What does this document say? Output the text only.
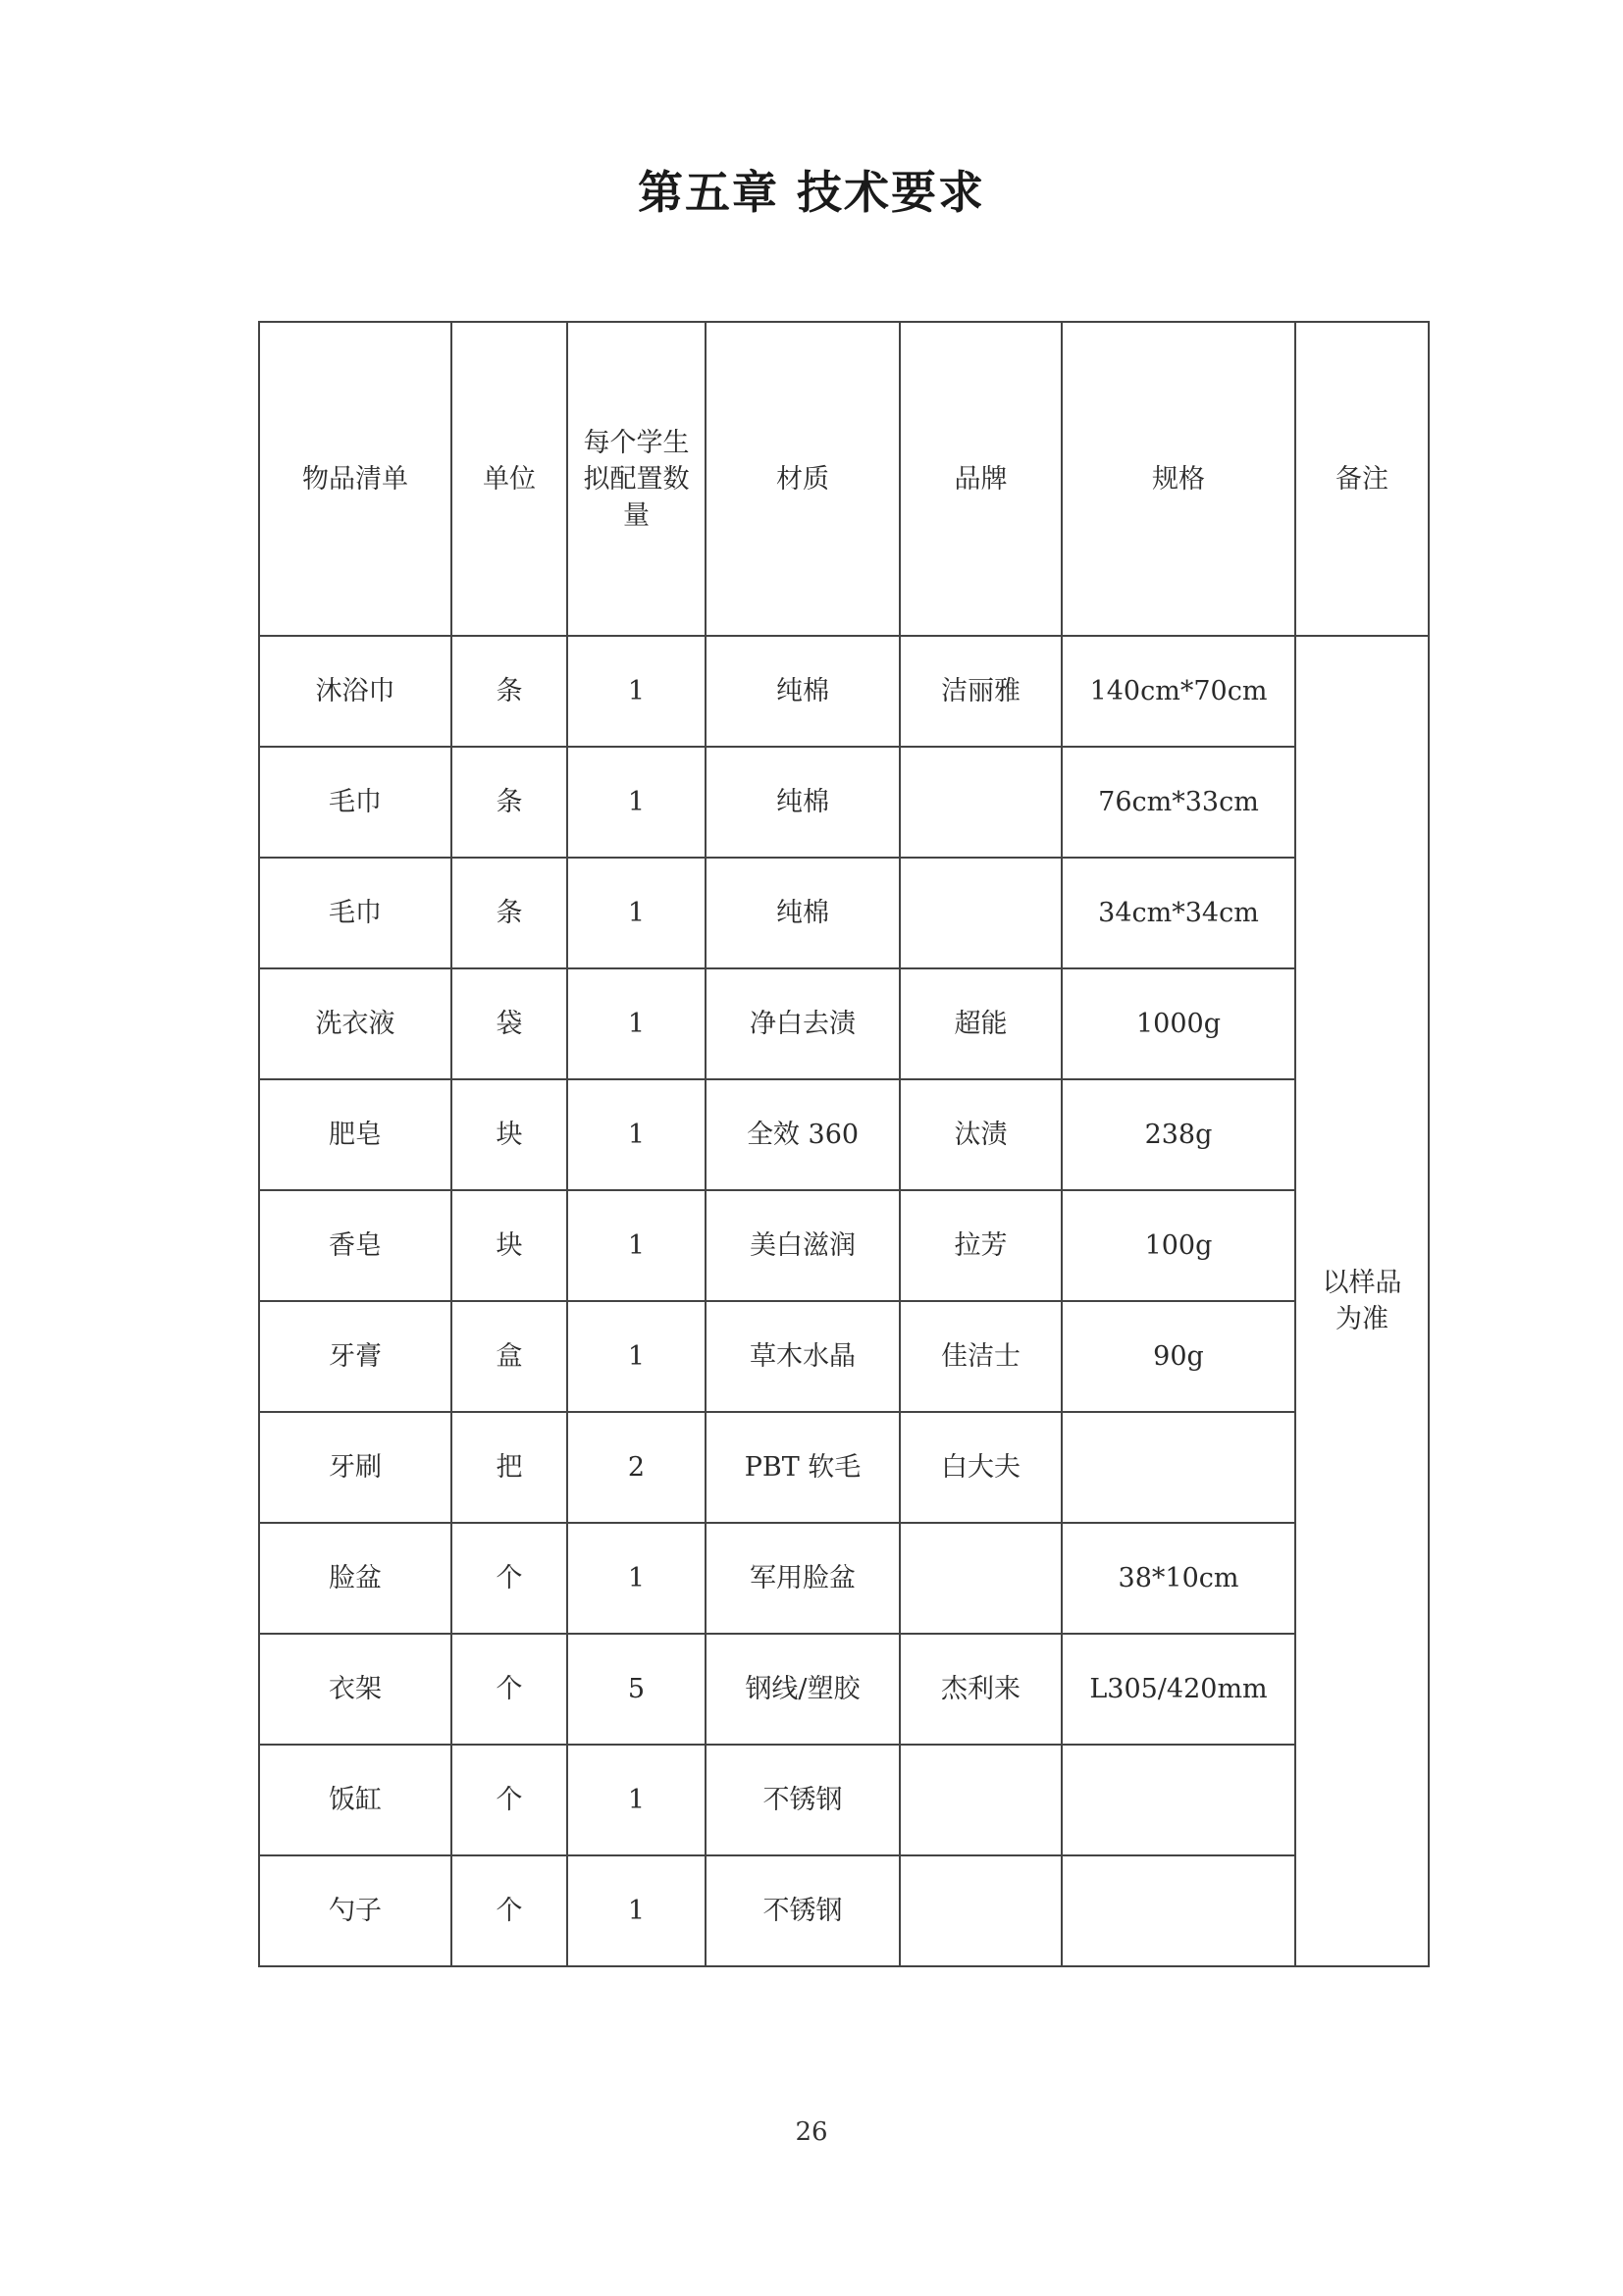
第五章 技术要求
物品清单	单位	每个学生拟配置数量	材质	品牌	规格	备注
沐浴巾	条	1	纯棉	洁丽雅	140cm*70cm	以样品为准
毛巾	条	1	纯棉		76cm*33cm	
毛巾	条	1	纯棉		34cm*34cm	
洗衣液	袋	1	净白去渍	超能	1000g	
肥皂	块	1	全效 360	汰渍	238g	
香皂	块	1	美白滋润	拉芳	100g	
牙膏	盒	1	草木水晶	佳洁士	90g	
牙刷	把	2	PBT 软毛	白大夫		
脸盆	个	1	军用脸盆		38*10cm	
衣架	个	5	钢线/塑胶	杰利来	L305/420mm	
饭缸	个	1	不锈钢			
勺子	个	1	不锈钢			
26
